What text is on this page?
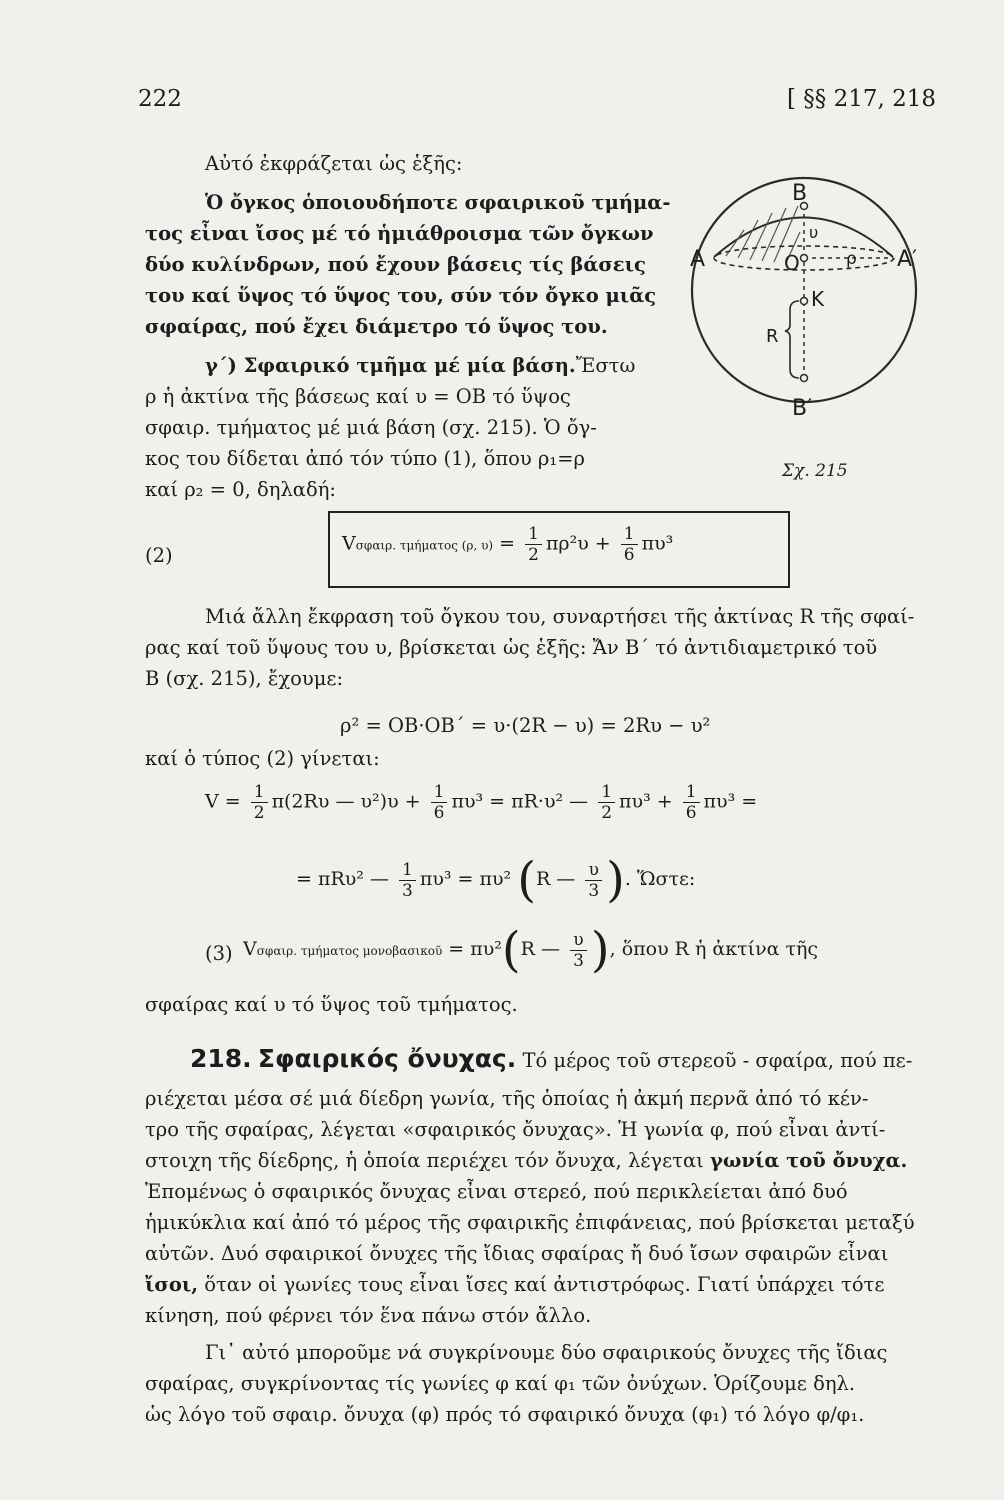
222	[ §§ 217, 218

Αὐτό ἐκφράζεται ὡς ἑξῆς:

Ὁ ὄγκος ὁποιουδήποτε σφαιρικοῦ τμήμα-

τος εἶναι ἴσος μέ τό ἡμιάθροισμα τῶν ὄγκων

δύο κυλίνδρων, πού ἔχουν βάσεις τίς βάσεις

του καί ὕψος τό ὕψος του, σύν τόν ὄγκο μιᾶς

σφαίρας, πού ἔχει διάμετρο τό ὕψος του.

γ΄) Σφαιρικό τμῆμα μέ μία βάση.Ἔστω

ρ ἡ ἀκτίνα τῆς βάσεως καί υ = ΟΒ τό ὕψος

σφαιρ. τμήματος μέ μιά βάση (σχ. 215). Ὁ ὄγ-

κος του δίδεται ἀπό τόν τύπο (1), ὅπου ρ₁=ρ

καί ρ₂ = 0, δηλαδή:

A	A′
B
B′
O
K
R
ρ
υ
Σχ. 215
(2)
Vσφαιρ. τμήματος (ρ, $\upsilon) = \frac{1}{2} \pi\rho^2\upsilon + \frac{1}{6} \pi\upsilon^3$

Μιά ἄλλη ἔκφραση τοῦ ὄγκου του, συναρτήσει τῆς ἀκτίνας R τῆς σφαί-

ρας καί τοῦ ὕψους του υ, βρίσκεται ὡς ἑξῆς: Ἄν B΄ τό ἀντιδιαμετρικό τοῦ

B (σχ. 215), ἔχουμε:

ρ² = OB·OB΄ = υ·(2R − υ) = 2Rυ − υ²

καί ὁ τύπος (2) γίνεται:

$V = \frac{1}{2} \pi(2R\upsilon$ — $\upsilon^2)\upsilon + \frac{1}{6} \pi\upsilon^3 = \pi R\cdot\upsilon^2$ — $\frac{1}{2} \pi\upsilon^3 + \frac{1}{6} \pi\upsilon^3$ =
= πRυ² — $\frac{1}{3} \pi\upsilon^3 = \pi\upsilon^2$ (R — $\frac{\upsilon}{3}$ ). Ὥστε:
(3) Vσφαιρ. τμήματος μονοβασικοῦ = πυ²(R — $\frac{\upsilon}{3}$ ), ὅπου R ἡ ἀκτίνα τῆς

σφαίρας καί υ τό ὕψος τοῦ τμήματος.

218. Σφαιρικός ὄνυχας. Τό μέρος τοῦ στερεοῦ - σφαίρα, πού πε-

ριέχεται μέσα σέ μιά δίεδρη γωνία, τῆς ὁποίας ἡ ἀκμή περνᾶ ἀπό τό κέν-

τρο τῆς σφαίρας, λέγεται «σφαιρικός ὄνυχας». Ἡ γωνία φ, πού εἶναι ἀντί-

στοιχη τῆς δίεδρης, ἡ ὁποία περιέχει τόν ὄνυχα, λέγεται γωνία τοῦ ὄνυχα.

Ἑπομένως ὁ σφαιρικός ὄνυχας εἶναι στερεό, πού περικλείεται ἀπό δυό

ἡμικύκλια καί ἀπό τό μέρος τῆς σφαιρικῆς ἐπιφάνειας, πού βρίσκεται μεταξύ

αὐτῶν. Δυό σφαιρικοί ὄνυχες τῆς ἴδιας σφαίρας ἤ δυό ἴσων σφαιρῶν εἶναι

ἴσοι, ὅταν οἱ γωνίες τους εἶναι ἴσες καί ἀντιστρόφως. Γιατί ὑπάρχει τότε

κίνηση, πού φέρνει τόν ἕνα πάνω στόν ἄλλο.

Γι᾽ αὐτό μποροῦμε νά συγκρίνουμε δύο σφαιρικούς ὄνυχες τῆς ἴδιας

σφαίρας, συγκρίνοντας τίς γωνίες φ καί φ₁ τῶν ὀνύχων. Ὁρίζουμε δηλ.

ὡς λόγο τοῦ σφαιρ. ὄνυχα (φ) πρός τό σφαιρικό ὄνυχα (φ₁) τό λόγο φ/φ₁.
